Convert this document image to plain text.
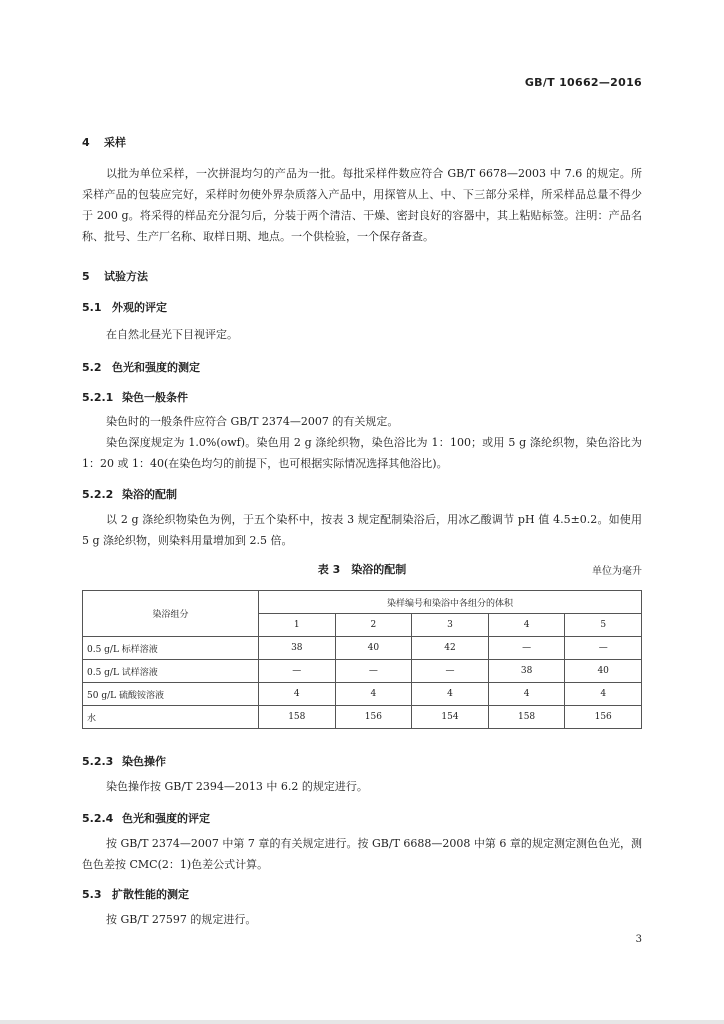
GB/T 10662—2016
4 采样
以批为单位采样，一次拼混均匀的产品为一批。每批采样件数应符合 GB/T 6678—2003 中 7.6 的规定。所采样产品的包装应完好，采样时勿使外界杂质落入产品中，用探管从上、中、下三部分采样，所采样品总量不得少于 200 g。将采得的样品充分混匀后，分装于两个清洁、干燥、密封良好的容器中，其上粘贴标签。注明：产品名称、批号、生产厂名称、取样日期、地点。一个供检验，一个保存备查。
5 试验方法
5.1 外观的评定
在自然北昼光下目视评定。
5.2 色光和强度的测定
5.2.1 染色一般条件
染色时的一般条件应符合 GB/T 2374—2007 的有关规定。
染色深度规定为 1.0%(owf)。染色用 2 g 涤纶织物，染色浴比为 1：100；或用 5 g 涤纶织物，染色浴比为 1：20 或 1：40(在染色均匀的前提下，也可根据实际情况选择其他浴比)。
5.2.2 染浴的配制
以 2 g 涤纶织物染色为例，于五个染杯中，按表 3 规定配制染浴后，用冰乙酸调节 pH 值 4.5±0.2。如使用 5 g 涤纶织物，则染料用量增加到 2.5 倍。
表 3　染浴的配制	单位为毫升
染浴组分	染样编号和染浴中各组分的体积				
	1	2	3	4	5
0.5 g/L 标样溶液	38	40	42	—	—
0.5 g/L 试样溶液	—	—	—	38	40
50 g/L 硫酸铵溶液	4	4	4	4	4
水	158	156	154	158	156
5.2.3 染色操作
染色操作按 GB/T 2394—2013 中 6.2 的规定进行。
5.2.4 色光和强度的评定
按 GB/T 2374—2007 中第 7 章的有关规定进行。按 GB/T 6688—2008 中第 6 章的规定测定测色色光，测色色差按 CMC(2：1)色差公式计算。
5.3 扩散性能的测定
按 GB/T 27597 的规定进行。
3
